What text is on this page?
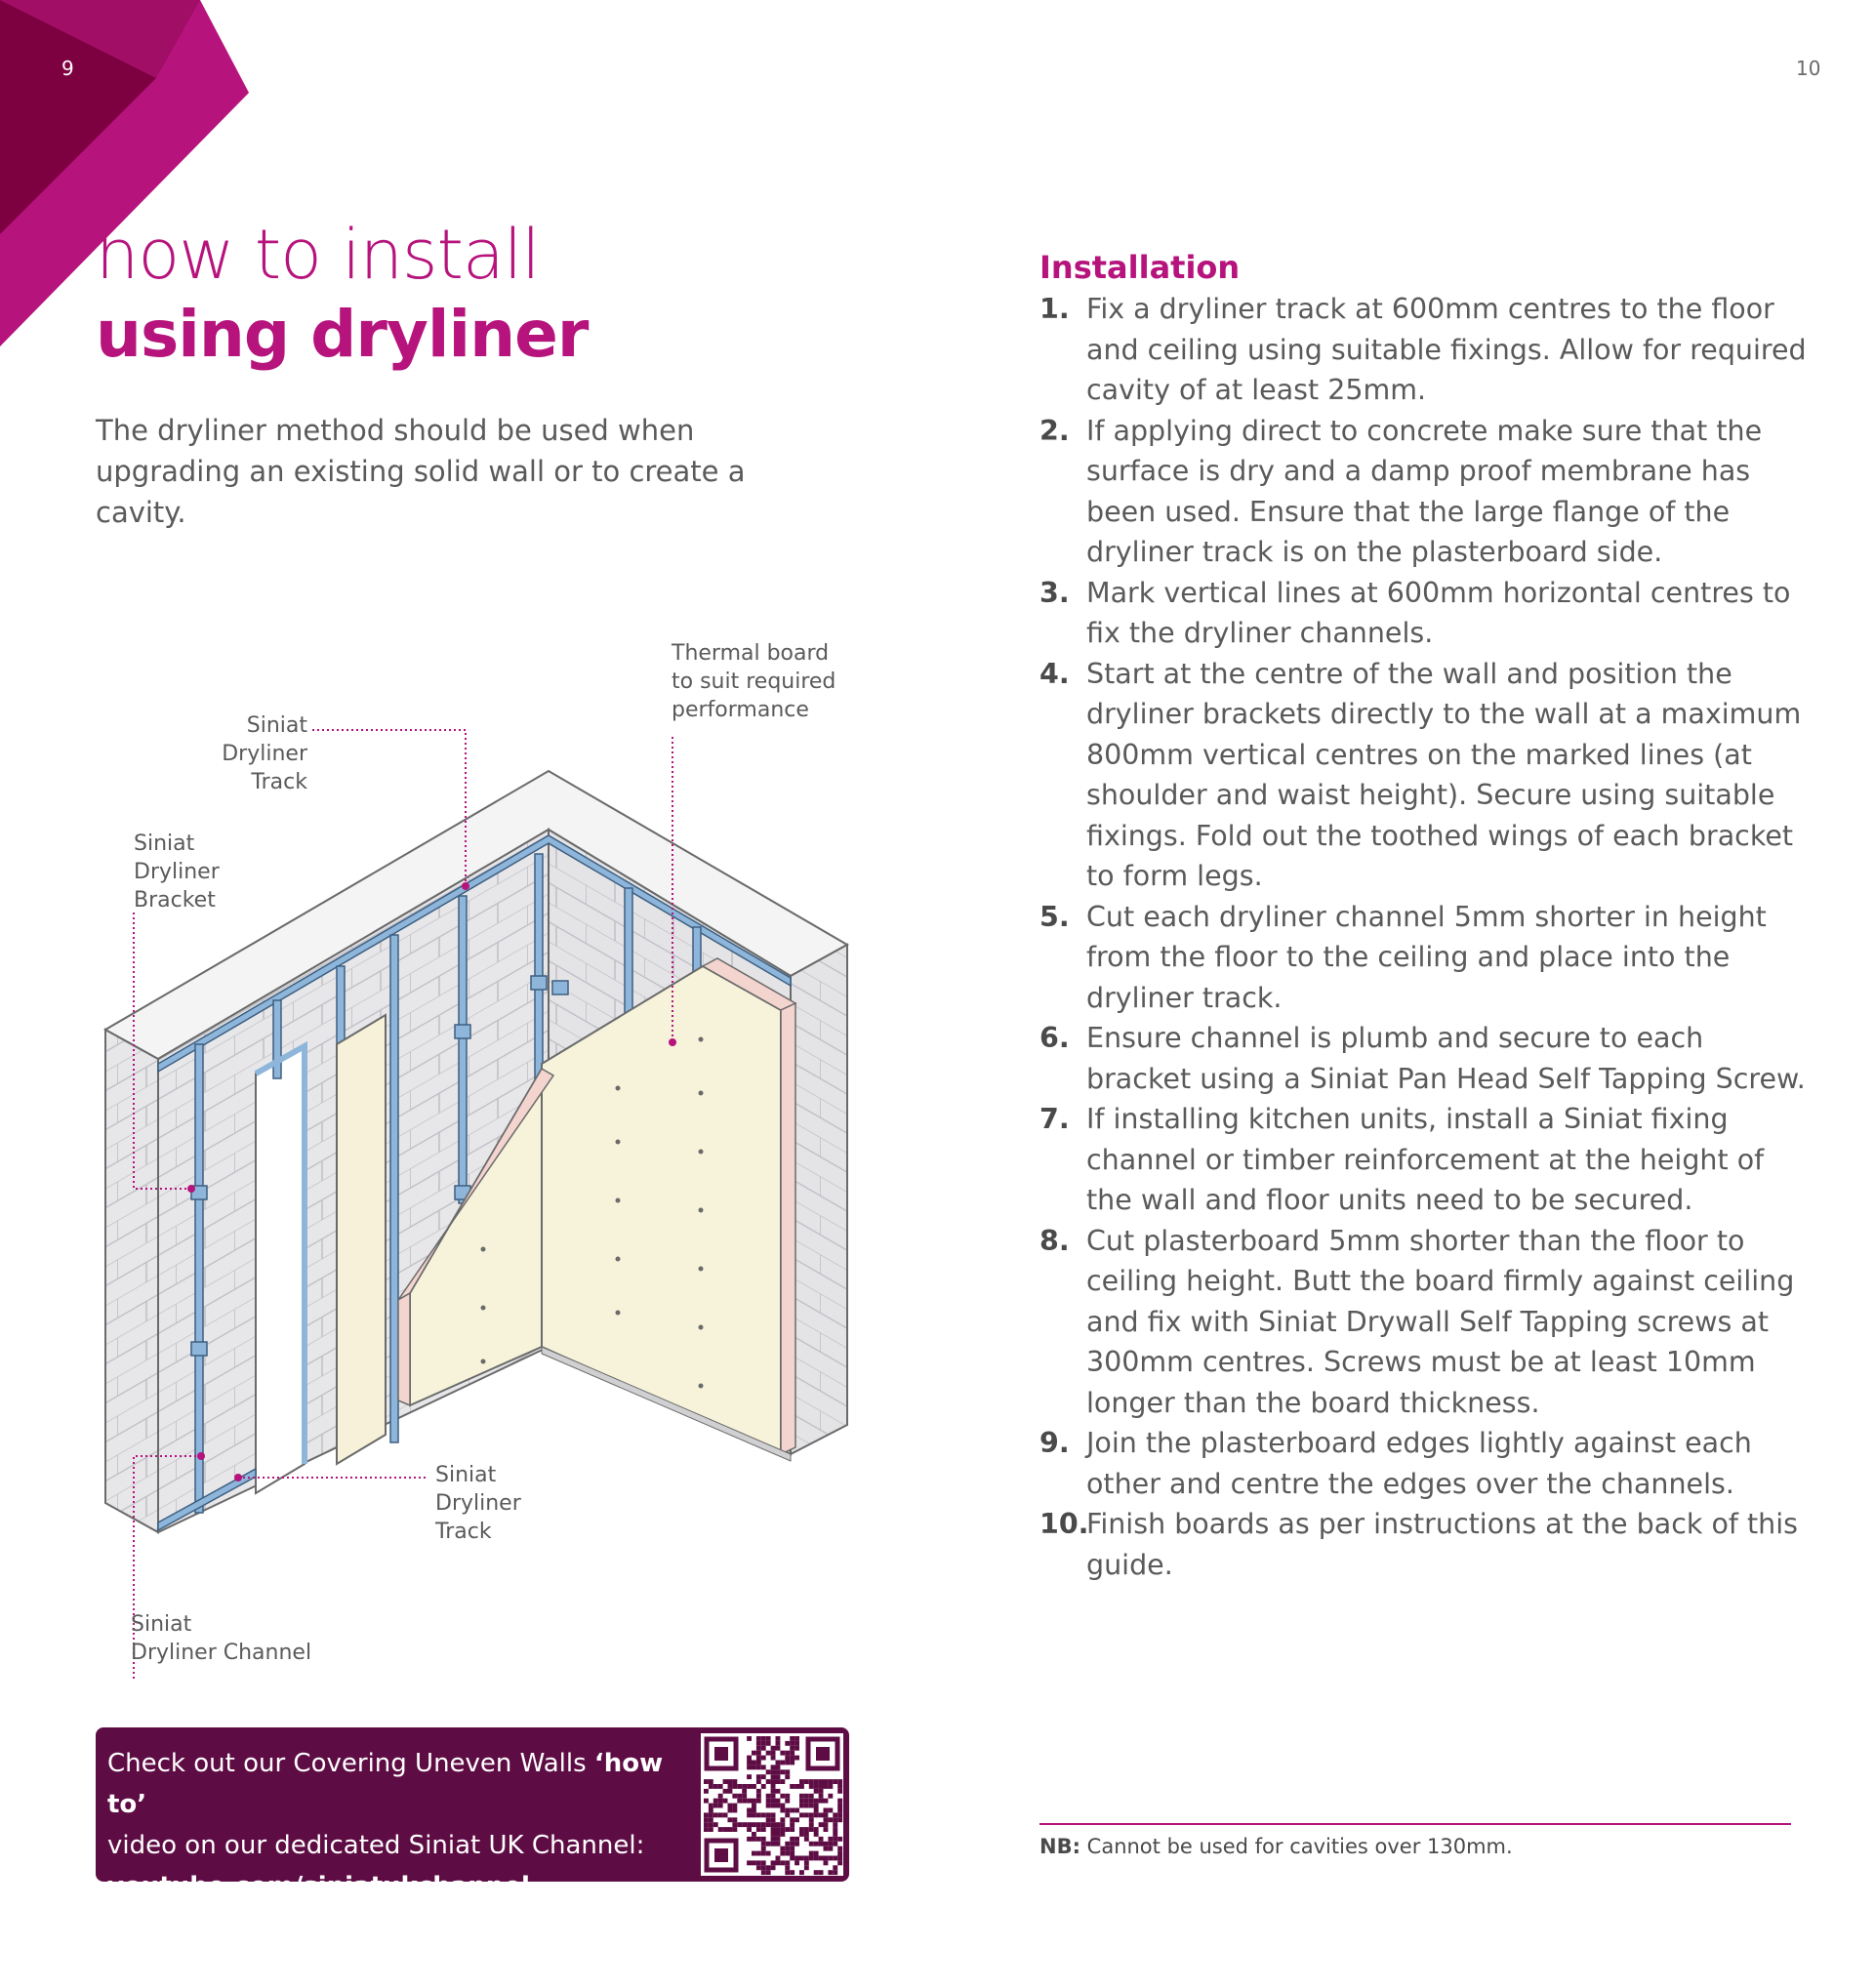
9	10
how to install
using dryliner
The dryliner method should be used when upgrading an existing solid wall or to create a cavity.
Thermal board
to suit required
performance
Siniat
Dryliner
Track
Siniat
Dryliner
Bracket
Siniat
Dryliner
Track
Siniat
Dryliner Channel
Check out our Covering Uneven Walls ‘how to’
video on our dedicated Siniat UK Channel:
youtube.com/siniatukchannel
Installation
1. Fix a dryliner track at 600mm centres to the floor and ceiling using suitable fixings. Allow for required cavity of at least 25mm.
2. If applying direct to concrete make sure that the surface is dry and a damp proof membrane has been used. Ensure that the large flange of the dryliner track is on the plasterboard side.
3. Mark vertical lines at 600mm horizontal centres to fix the dryliner channels.
4. Start at the centre of the wall and position the dryliner brackets directly to the wall at a maximum 800mm vertical centres on the marked lines (at shoulder and waist height). Secure using suitable fixings. Fold out the toothed wings of each bracket to form legs.
5. Cut each dryliner channel 5mm shorter in height from the floor to the ceiling and place into the dryliner track.
6. Ensure channel is plumb and secure to each bracket using a Siniat Pan Head Self Tapping Screw.
7. If installing kitchen units, install a Siniat fixing channel or timber reinforcement at the height of the wall and floor units need to be secured.
8. Cut plasterboard 5mm shorter than the floor to ceiling height. Butt the board firmly against ceiling and fix with Siniat Drywall Self Tapping screws at 300mm centres. Screws must be at least 10mm longer than the board thickness.
9. Join the plasterboard edges lightly against each other and centre the edges over the channels.
10.
Finish boards as per instructions at the back of this guide.
NB: Cannot be used for cavities over 130mm.
